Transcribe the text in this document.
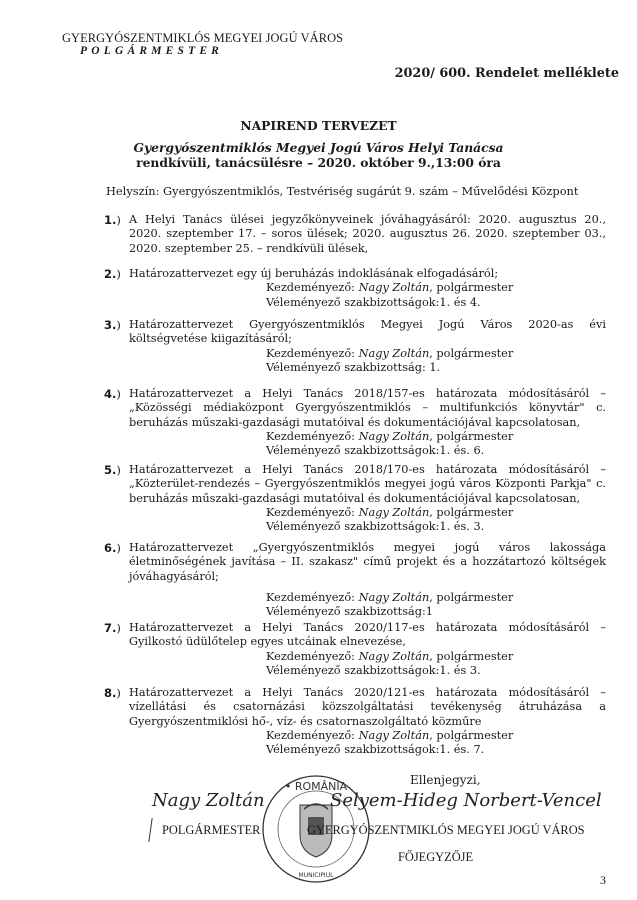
GYERGYÓSZENTMIKLÓS MEGYEI JOGÚ VÁROS
POLGÁRMESTER
2020/ 600. Rendelet melléklete
NAPIREND TERVEZET
Gyergyószentmiklós Megyei Jogú Város Helyi Tanácsa
rendkívüli, tanácsülésre – 2020. október 9.,13:00 óra
Helyszín: Gyergyószentmiklós, Testvériség sugárút 9. szám – Művelődési Központ
1.) A Helyi Tanács ülései jegyzőkönyveinek jóváhagyásáról: 2020. augusztus 20., 2020. szeptember 17. – soros ülések; 2020. augusztus 26. 2020. szeptember 03., 2020. szeptember 25. – rendkívüli ülések,
2.) Határozattervezet egy új beruházás indoklásának elfogadásáról;
Kezdeményező: Nagy Zoltán, polgármester
Véleményező szakbizottságok:1. és 4.
3.) Határozattervezet Gyergyószentmiklós Megyei Jogú Város 2020-as évi költségvetése kiigazításáról;
Kezdeményező: Nagy Zoltán, polgármester
Véleményező szakbizottság: 1.
4.) Határozattervezet a Helyi Tanács 2018/157-es határozata módosításáról – „Közösségi médiaközpont Gyergyószentmiklós – multifunkciós könyvtár" c. beruházás műszaki-gazdasági mutatóival és dokumentációjával kapcsolatosan,
Kezdeményező: Nagy Zoltán, polgármester
Véleményező szakbizottságok:1. és. 6.
5.) Határozattervezet a Helyi Tanács 2018/170-es határozata módosításáról – „Közterület-rendezés – Gyergyószentmiklós megyei jogú város Központi Parkja" c. beruházás műszaki-gazdasági mutatóival és dokumentációjával kapcsolatosan,
Kezdeményező: Nagy Zoltán, polgármester
Véleményező szakbizottságok:1. és. 3.
6.) Határozattervezet „Gyergyószentmiklós megyei jogú város lakossága életminőségének javítása – II. szakasz" című projekt és a hozzátartozó költségek jóváhagyásáról;
Kezdeményező: Nagy Zoltán, polgármester
Véleményező szakbizottság:1
7.) Határozattervezet a Helyi Tanács 2020/117-es határozata módosításáról – Gyilkostó üdülőtelep egyes utcáinak elnevezése,
Kezdeményező: Nagy Zoltán, polgármester
Véleményező szakbizottságok:1. és 3.
8.) Határozattervezet a Helyi Tanács 2020/121-es határozata módosításáról – vízellátási és csatornázási közszolgáltatási tevékenység átruházása a Gyergyószentmiklósi hő-, víz- és csatornaszolgáltató közműre
Kezdeményező: Nagy Zoltán, polgármester
Véleményező szakbizottságok:1. és. 7.
Ellenjegyzi,
• ROMÂNIA
MUNICIPIUL
Nagy Zoltán	Selyem-Hideg Norbert-Vencel
POLGÁRMESTER	GYERGYÓSZENTMIKLÓS MEGYEI JOGÚ VÁROS
FŐJEGYZŐJE
3
